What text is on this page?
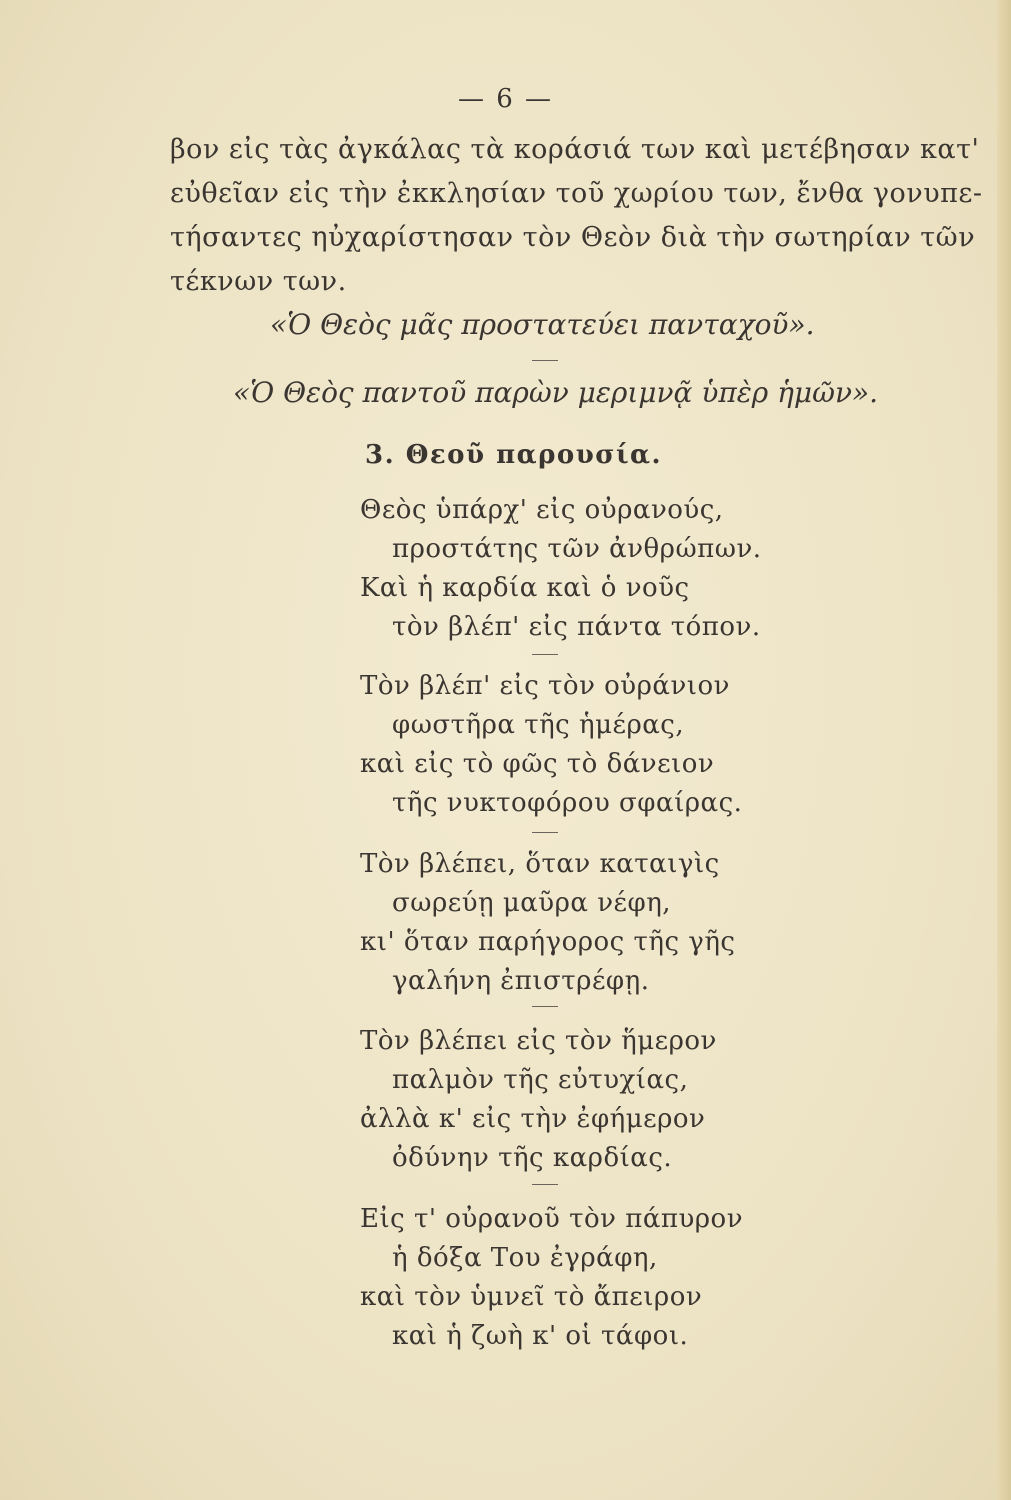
— 6 —
βον εἰς τὰς ἀγκάλας τὰ κοράσιά των καὶ μετέβησαν κατ'
εὐθεῖαν εἰς τὴν ἐκκλησίαν τοῦ χωρίου των, ἔνθα γονυπε-
τήσαντες ηὐχαρίστησαν τὸν Θεὸν διὰ τὴν σωτηρίαν τῶν
τέκνων των.
«Ὁ Θεὸς μᾶς προστατεύει πανταχοῦ».
«Ὁ Θεὸς παντοῦ παρὼν μεριμνᾷ ὑπὲρ ἡμῶν».
3. Θεοῦ παρουσία.
Θεὸς ὑπάρχ' εἰς οὐρανούς,
προστάτης τῶν ἀνθρώπων.
Καὶ ἡ καρδία καὶ ὁ νοῦς
τὸν βλέπ' εἰς πάντα τόπον.
Τὸν βλέπ' εἰς τὸν οὐράνιον
φωστῆρα τῆς ἡμέρας,
καὶ εἰς τὸ φῶς τὸ δάνειον
τῆς νυκτοφόρου σφαίρας.
Τὸν βλέπει, ὅταν καταιγὶς
σωρεύῃ μαῦρα νέφη,
κι' ὅταν παρήγορος τῆς γῆς
γαλήνη ἐπιστρέφῃ.
Τὸν βλέπει εἰς τὸν ἥμερον
παλμὸν τῆς εὐτυχίας,
ἀλλὰ κ' εἰς τὴν ἐφήμερον
ὀδύνην τῆς καρδίας.
Εἰς τ' οὐρανοῦ τὸν πάπυρον
ἡ δόξα Του ἐγράφη,
καὶ τὸν ὑμνεῖ τὸ ἄπειρον
καὶ ἡ ζωὴ κ' οἱ τάφοι.
